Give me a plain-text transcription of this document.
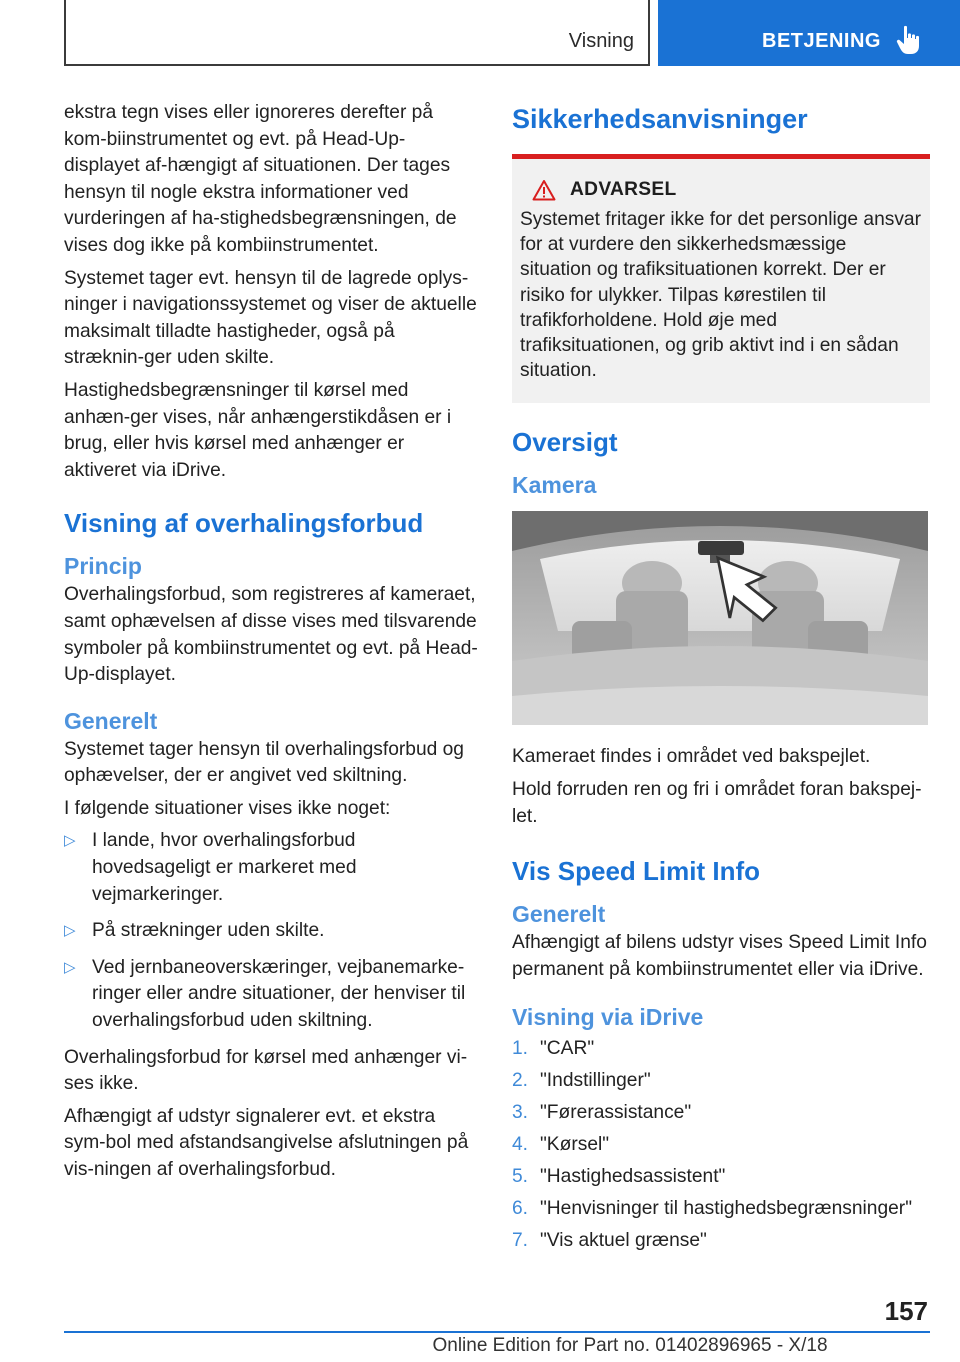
Visning	BETJENING

ekstra tegn vises eller ignoreres derefter på kom-biinstrumentet og evt. på Head-Up-displayet af-hængigt af situationen. Der tages hensyn til nogle ekstra informationer ved vurderingen af ha-stighedsbegrænsningen, de vises dog ikke på kombiinstrumentet.

Systemet tager evt. hensyn til de lagrede oplys-ninger i navigationssystemet og viser de aktuelle maksimalt tilladte hastigheder, også på stræknin-ger uden skilte.

Hastighedsbegrænsninger til kørsel med anhæn-ger vises, når anhængerstikdåsen er i brug, eller hvis kørsel med anhænger er aktiveret via iDrive.

Visning af overhalingsforbud
Princip

Overhalingsforbud, som registreres af kameraet, samt ophævelsen af disse vises med tilsvarende symboler på kombiinstrumentet og evt. på Head-Up-displayet.

Generelt

Systemet tager hensyn til overhalingsforbud og ophævelser, der er angivet ved skiltning.

I følgende situationer vises ikke noget:

▷ I lande, hvor overhalingsforbud hovedsageligt er markeret med vejmarkeringer.
▷ På strækninger uden skilte.
▷ Ved jernbaneoverskæringer, vejbanemarke-ringer eller andre situationer, der henviser til overhalingsforbud uden skiltning.

Overhalingsforbud for kørsel med anhænger vi-ses ikke.

Afhængigt af udstyr signalerer evt. et ekstra sym-bol med afstandsangivelse afslutningen på vis-ningen af overhalingsforbud.

Sikkerhedsanvisninger
ADVARSEL

Systemet fritager ikke for det personlige ansvar for at vurdere den sikkerhedsmæssige situation og trafiksituationen korrekt. Der er risiko for ulykker. Tilpas kørestilen til trafikforholdene. Hold øje med trafiksituationen, og grib aktivt ind i en sådan situation.

Oversigt
Kamera

Kameraet findes i området ved bakspejlet.

Hold forruden ren og fri i området foran bakspej-let.

Vis Speed Limit Info
Generelt

Afhængigt af bilens udstyr vises Speed Limit Info permanent på kombiinstrumentet eller via iDrive.

Visning via iDrive
1. "CAR"
2. "Indstillinger"
3. "Førerassistance"
4. "Kørsel"
5. "Hastighedsassistent"
6. "Henvisninger til hastighedsbegrænsninger"
7. "Vis aktuel grænse"
157
Online Edition for Part no. 01402896965 - X/18
